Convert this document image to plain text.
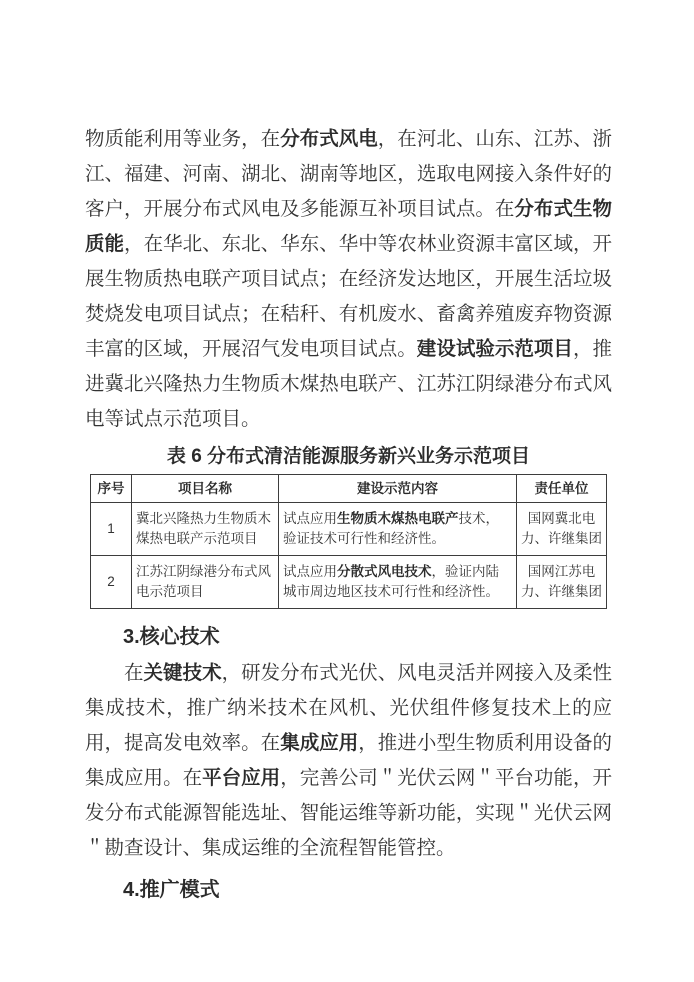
物质能利用等业务，在分布式风电，在河北、山东、江苏、浙江、福建、河南、湖北、湖南等地区，选取电网接入条件好的客户，开展分布式风电及多能源互补项目试点。在分布式生物质能，在华北、东北、华东、华中等农林业资源丰富区域，开展生物质热电联产项目试点；在经济发达地区，开展生活垃圾焚烧发电项目试点；在秸秆、有机废水、畜禽养殖废弃物资源丰富的区域，开展沼气发电项目试点。建设试验示范项目，推进冀北兴隆热力生物质木煤热电联产、江苏江阴绿港分布式风电等试点示范项目。

表 6 分布式清洁能源服务新兴业务示范项目
序号	项目名称	建设示范内容	责任单位
1	冀北兴隆热力生物质木煤热电联产示范项目	试点应用生物质木煤热电联产技术，验证技术可行性和经济性。	国网冀北电力、许继集团
2	江苏江阴绿港分布式风电示范项目	试点应用分散式风电技术，验证内陆城市周边地区技术可行性和经济性。	国网江苏电力、许继集团
3.核心技术

在关键技术，研发分布式光伏、风电灵活并网接入及柔性集成技术，推广纳米技术在风机、光伏组件修复技术上的应用，提高发电效率。在集成应用，推进小型生物质利用设备的集成应用。在平台应用，完善公司＂光伏云网＂平台功能，开发分布式能源智能选址、智能运维等新功能，实现＂光伏云网＂勘查设计、集成运维的全流程智能管控。

4.推广模式
